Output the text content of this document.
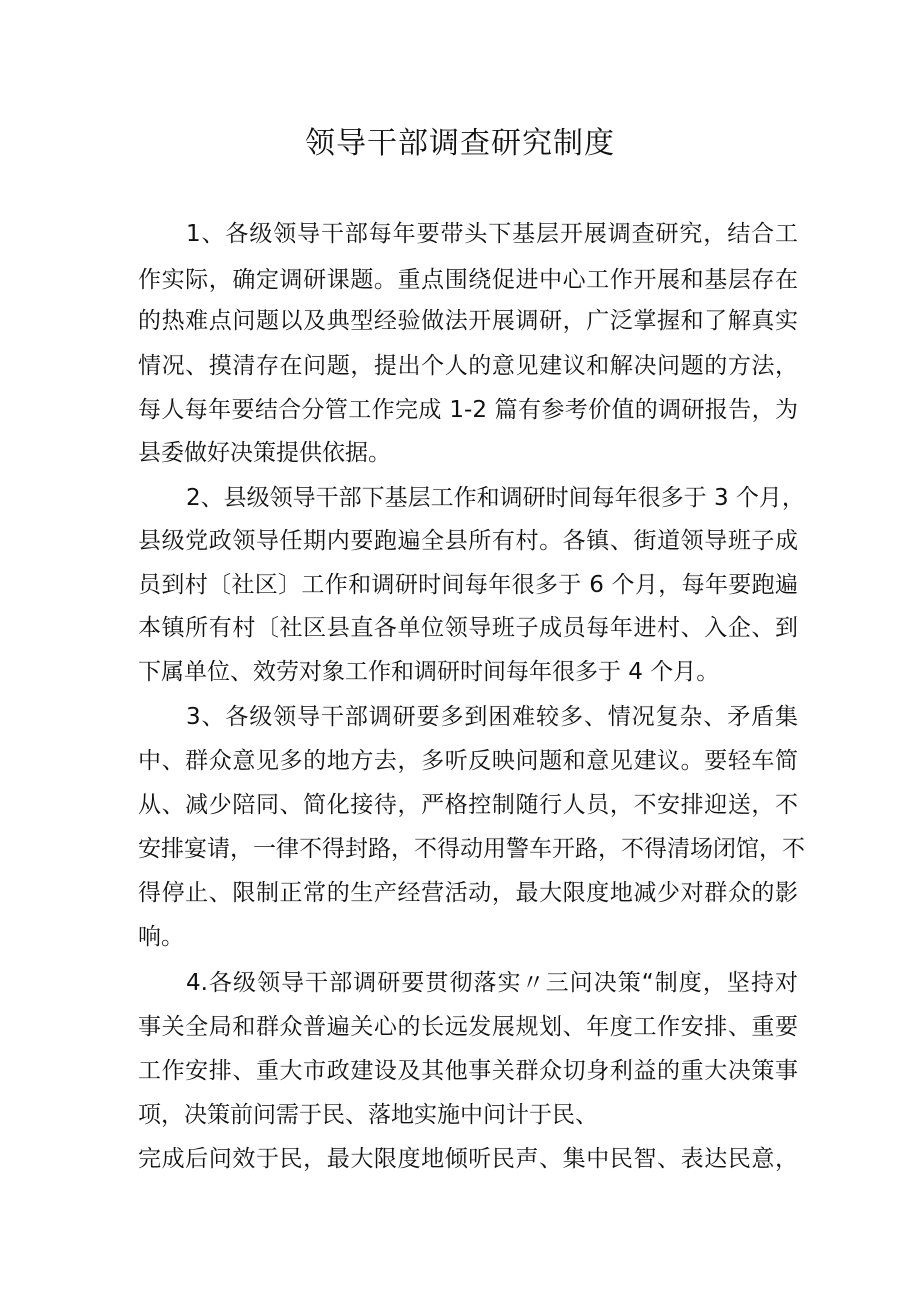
领导干部调查研究制度
1、各级领导干部每年要带头下基层开展调查研究，结合工
作实际，确定调研课题。重点围绕促进中心工作开展和基层存在
的热难点问题以及典型经验做法开展调研，广泛掌握和了解真实
情况、摸清存在问题，提出个人的意见建议和解决问题的方法，
每人每年要结合分管工作完成 1-2 篇有参考价值的调研报告，为
县委做好决策提供依据。
2、县级领导干部下基层工作和调研时间每年很多于 3 个月，
县级党政领导任期内要跑遍全县所有村。各镇、街道领导班子成
员到村〔社区〕工作和调研时间每年很多于 6 个月，每年要跑遍
本镇所有村〔社区县直各单位领导班子成员每年进村、入企、到
下属单位、效劳对象工作和调研时间每年很多于 4 个月。
3、各级领导干部调研要多到困难较多、情况复杂、矛盾集
中、群众意见多的地方去，多听反映问题和意见建议。要轻车简
从、减少陪同、简化接待，严格控制随行人员，不安排迎送，不
安排宴请，一律不得封路，不得动用警车开路，不得清场闭馆，不
得停止、限制正常的生产经营活动，最大限度地减少对群众的影
响。
4.各级领导干部调研要贯彻落实〃三问决策“制度，坚持对
事关全局和群众普遍关心的长远发展规划、年度工作安排、重要
工作安排、重大市政建设及其他事关群众切身利益的重大决策事
项，决策前问需于民、落地实施中问计于民、
完成后问效于民，最大限度地倾听民声、集中民智、表达民意，
